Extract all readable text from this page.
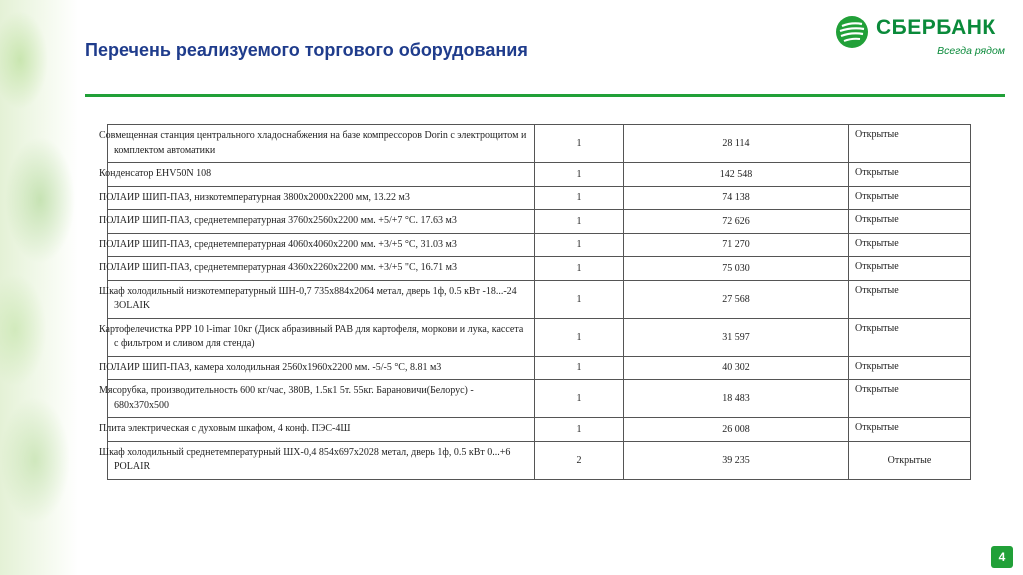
Перечень реализуемого торгового оборудования
СБЕРБАНК
Всегда рядом
Совмещенная станция центрального хладоснабжения на базе компрессоров Dorin с электрощитом и комплектом автоматики	1	28 114	Открытые
Конденсатор EHV50N 108	1	142 548	Открытые
ПОЛАИР ШИП-ПАЗ, низкотемпературная 3800х2000х2200 мм, 13.22 м3	1	74 138	Открытые
ПОЛАИР ШИП-ПАЗ, среднетемпературная 3760х2560х2200 мм. +5/+7 °С. 17.63 м3	1	72 626	Открытые
ПОЛАИР ШИП-ПАЗ, среднетемпературная 4060х4060х2200 мм. +3/+5 °С, 31.03 м3	1	71 270	Открытые
ПОЛАИР ШИП-ПАЗ, среднетемпературная 4360х2260х2200 мм. +3/+5 "С, 16.71 м3	1	75 030	Открытые
Шкаф холодильный низкотемпературный ШН-0,7 735х884х2064 метал, дверь 1ф, 0.5 кВт -18...-24 3OLAIK	1	27 568	Открытые
Картофелечистка PPP 10 l-imar 10кг (Диск абразивный РАВ для картофеля, моркови и лука, кассета с фильтром и сливом для стенда)	1	31 597	Открытые
ПОЛАИР ШИП-ПАЗ, камера холодильная 2560х1960х2200 мм. -5/-5 °С, 8.81 м3	1	40 302	Открытые
Мясорубка, производительность 600 кг/час, 380В, 1.5к1 5т. 55кг. Барановичи(Белорус) - 680х370х500	1	18 483	Открытые
Плита электрическая с духовым шкафом, 4 конф. ПЭС-4Ш	1	26 008	Открытые
Шкаф холодильный среднетемпературный ШХ-0,4 854х697х2028 метал, дверь 1ф, 0.5 кВт 0...+6 POLAIR	2	39 235	Открытые
4
